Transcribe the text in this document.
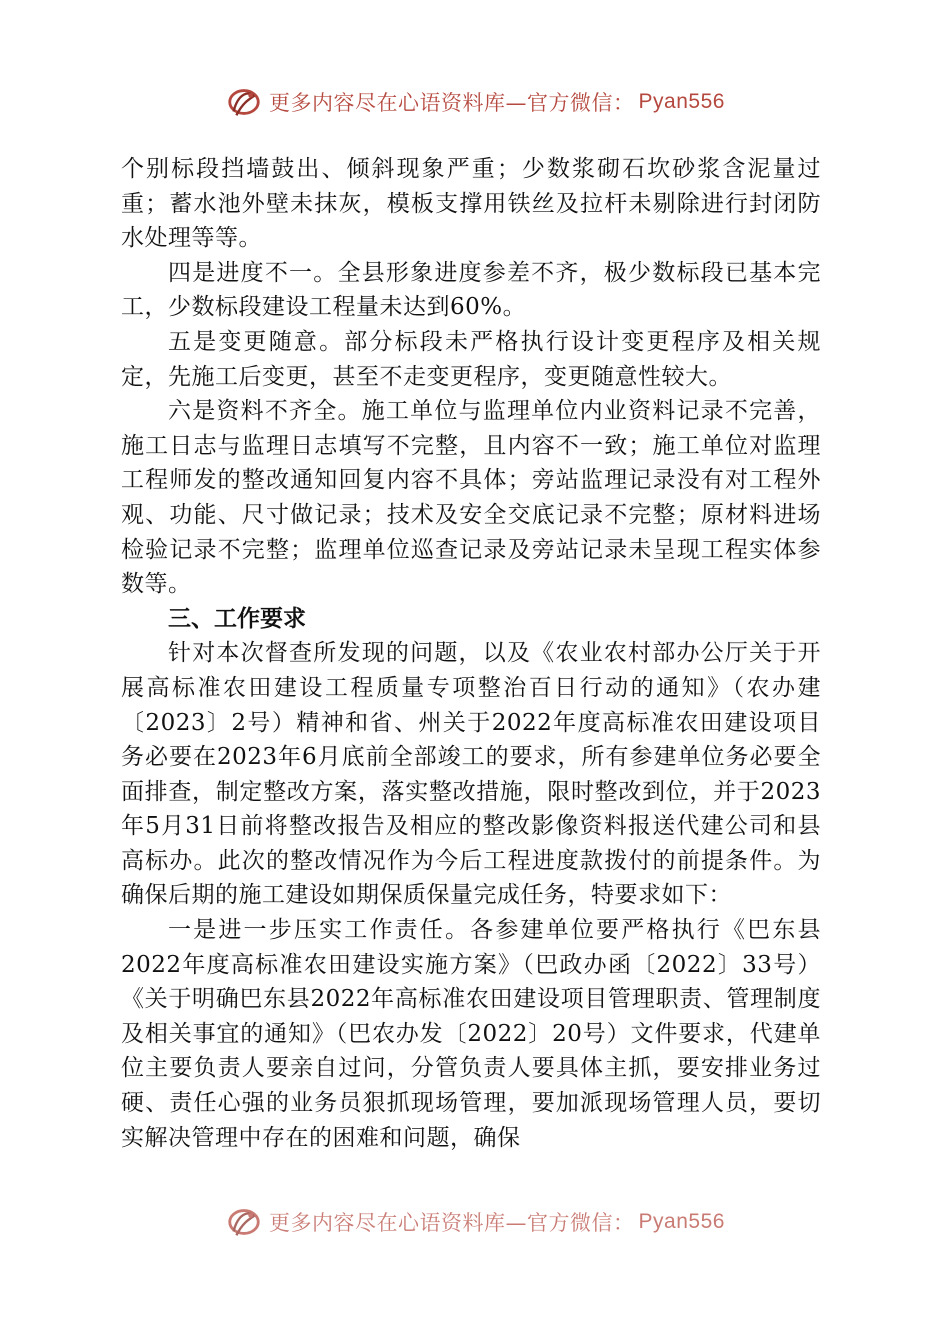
更多内容尽在心语资料库—官方微信： Pyan556

个别标段挡墙鼓出、倾斜现象严重；少数浆砌石坎砂浆含泥量过重；蓄水池外壁未抹灰，模板支撑用铁丝及拉杆未剔除进行封闭防水处理等等。

四是进度不一。全县形象进度参差不齐，极少数标段已基本完工，少数标段建设工程量未达到60%。

五是变更随意。部分标段未严格执行设计变更程序及相关规定，先施工后变更，甚至不走变更程序，变更随意性较大。

六是资料不齐全。施工单位与监理单位内业资料记录不完善，施工日志与监理日志填写不完整，且内容不一致；施工单位对监理工程师发的整改通知回复内容不具体；旁站监理记录没有对工程外观、功能、尺寸做记录；技术及安全交底记录不完整；原材料进场检验记录不完整；监理单位巡查记录及旁站记录未呈现工程实体参数等。

三、工作要求

针对本次督查所发现的问题，以及《农业农村部办公厅关于开展高标准农田建设工程质量专项整治百日行动的通知》（农办建〔2023〕2号）精神和省、州关于2022年度高标准农田建设项目务必要在2023年6月底前全部竣工的要求，所有参建单位务必要全面排查，制定整改方案，落实整改措施，限时整改到位，并于2023年5月31日前将整改报告及相应的整改影像资料报送代建公司和县高标办。此次的整改情况作为今后工程进度款拨付的前提条件。为确保后期的施工建设如期保质保量完成任务，特要求如下：

一是进一步压实工作责任。各参建单位要严格执行《巴东县2022年度高标准农田建设实施方案》（巴政办函〔2022〕33号）《关于明确巴东县2022年高标准农田建设项目管理职责、管理制度及相关事宜的通知》（巴农办发〔2022〕20号）文件要求，代建单位主要负责人要亲自过问，分管负责人要具体主抓，要安排业务过硬、责任心强的业务员狠抓现场管理，要加派现场管理人员，要切实解决管理中存在的困难和问题，确保

更多内容尽在心语资料库—官方微信： Pyan556
